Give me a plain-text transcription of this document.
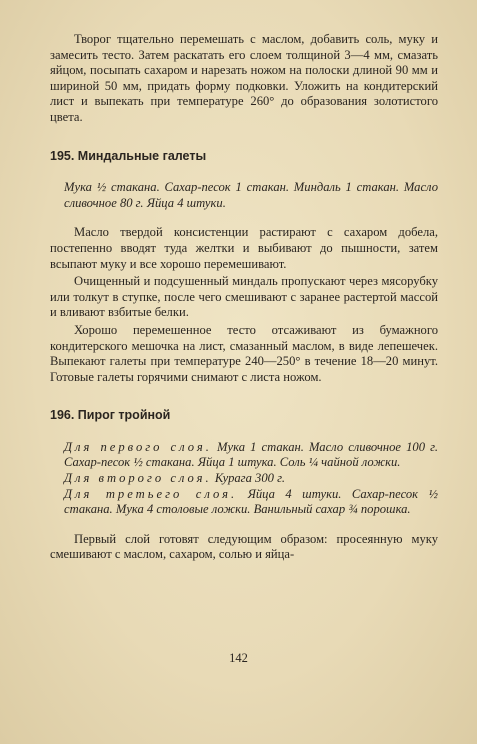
Творог тщательно перемешать с маслом, добавить соль, муку и замесить тесто. Затем раскатать его слоем толщиной 3—4 мм, смазать яйцом, посыпать сахаром и нарезать ножом на полоски длиной 90 мм и шириной 50 мм, придать форму подковки. Уложить на кондитерский лист и выпекать при температуре 260° до образования золотистого цвета.

195. Миндальные галеты

Мука ½ стакана. Сахар-песок 1 стакан. Миндаль 1 стакан. Масло сливочное 80 г. Яйца 4 штуки.

Масло твердой консистенции растирают с сахаром добела, постепенно вводят туда желтки и выбивают до пышности, затем всыпают муку и все хорошо перемешивают.

Очищенный и подсушенный миндаль пропускают через мясорубку или толкут в ступке, после чего смешивают с заранее растертой массой и вливают взбитые белки.

Хорошо перемешенное тесто отсаживают из бумажного кондитерского мешочка на лист, смазанный маслом, в виде лепешечек. Выпекают галеты при температуре 240—250° в течение 18—20 минут. Готовые галеты горячими снимают с листа ножом.

196. Пирог тройной

Для первого слоя. Мука 1 стакан. Масло сливочное 100 г. Сахар-песок ½ стакана. Яйца 1 штука. Соль ¼ чайной ложки.
Для второго слоя. Курага 300 г.
Для третьего слоя. Яйца 4 штуки. Сахар-песок ½ стакана. Мука 4 столовые ложки. Ванильный сахар ¾ порошка.

Первый слой готовят следующим образом: просеянную муку смешивают с маслом, сахаром, солью и яйца-

142
